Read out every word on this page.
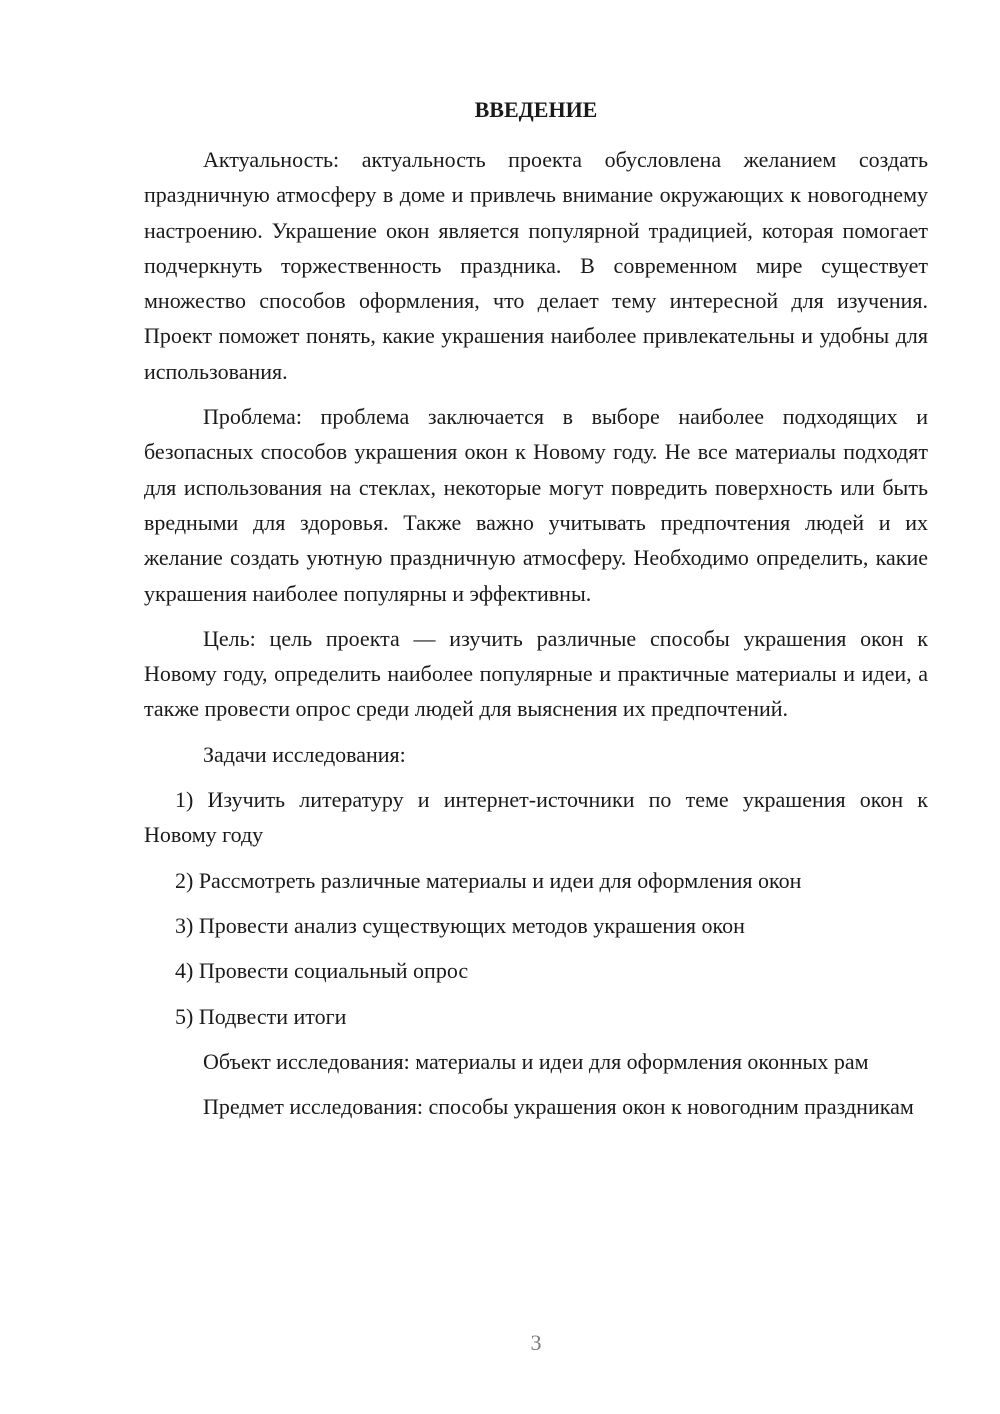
ВВЕДЕНИЕ

Актуальность: актуальность проекта обусловлена желанием создать праздничную атмосферу в доме и привлечь внимание окружающих к новогоднему настроению. Украшение окон является популярной традицией, которая помогает подчеркнуть торжественность праздника. В современном мире существует множество способов оформления, что делает тему интересной для изучения. Проект поможет понять, какие украшения наиболее привлекательны и удобны для использования.

Проблема: проблема заключается в выборе наиболее подходящих и безопасных способов украшения окон к Новому году. Не все материалы подходят для использования на стеклах, некоторые могут повредить поверхность или быть вредными для здоровья. Также важно учитывать предпочтения людей и их желание создать уютную праздничную атмосферу. Необходимо определить, какие украшения наиболее популярны и эффективны.

Цель: цель проекта — изучить различные способы украшения окон к Новому году, определить наиболее популярные и практичные материалы и идеи, а также провести опрос среди людей для выяснения их предпочтений.

Задачи исследования:

1) Изучить литературу и интернет-источники по теме украшения окон к Новому году

2) Рассмотреть различные материалы и идеи для оформления окон

3) Провести анализ существующих методов украшения окон

4) Провести социальный опрос

5) Подвести итоги

Объект исследования: материалы и идеи для оформления оконных рам

Предмет исследования: способы украшения окон к новогодним праздникам

3
